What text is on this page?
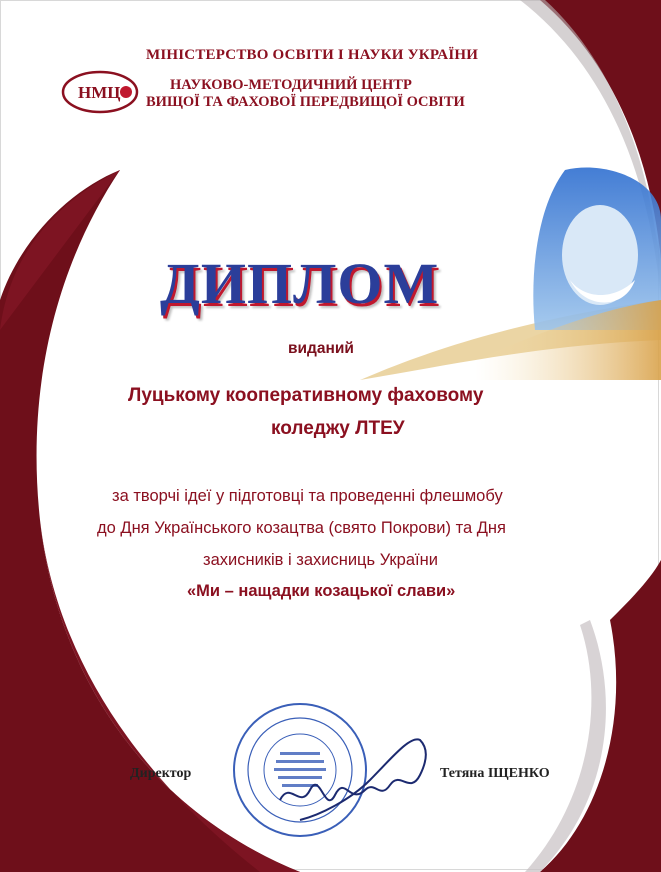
МІНІСТЕРСТВО ОСВІТИ І НАУКИ УКРАЇНИ
НАУКОВО-МЕТОДИЧНИЙ ЦЕНТР
ВИЩОЇ ТА ФАХОВОЇ ПЕРЕДВИЩОЇ ОСВІТИ
НМЦ
ДИПЛОМ
виданий
Луцькому кооперативному фаховому
коледжу ЛТЕУ
за творчі ідеї у підготовці та проведенні флешмобу
до Дня Українського козацтва (свято Покрови) та Дня
захисників і захисниць України
«Ми – нащадки козацької слави»
Директор	Тетяна ІЩЕНКО
